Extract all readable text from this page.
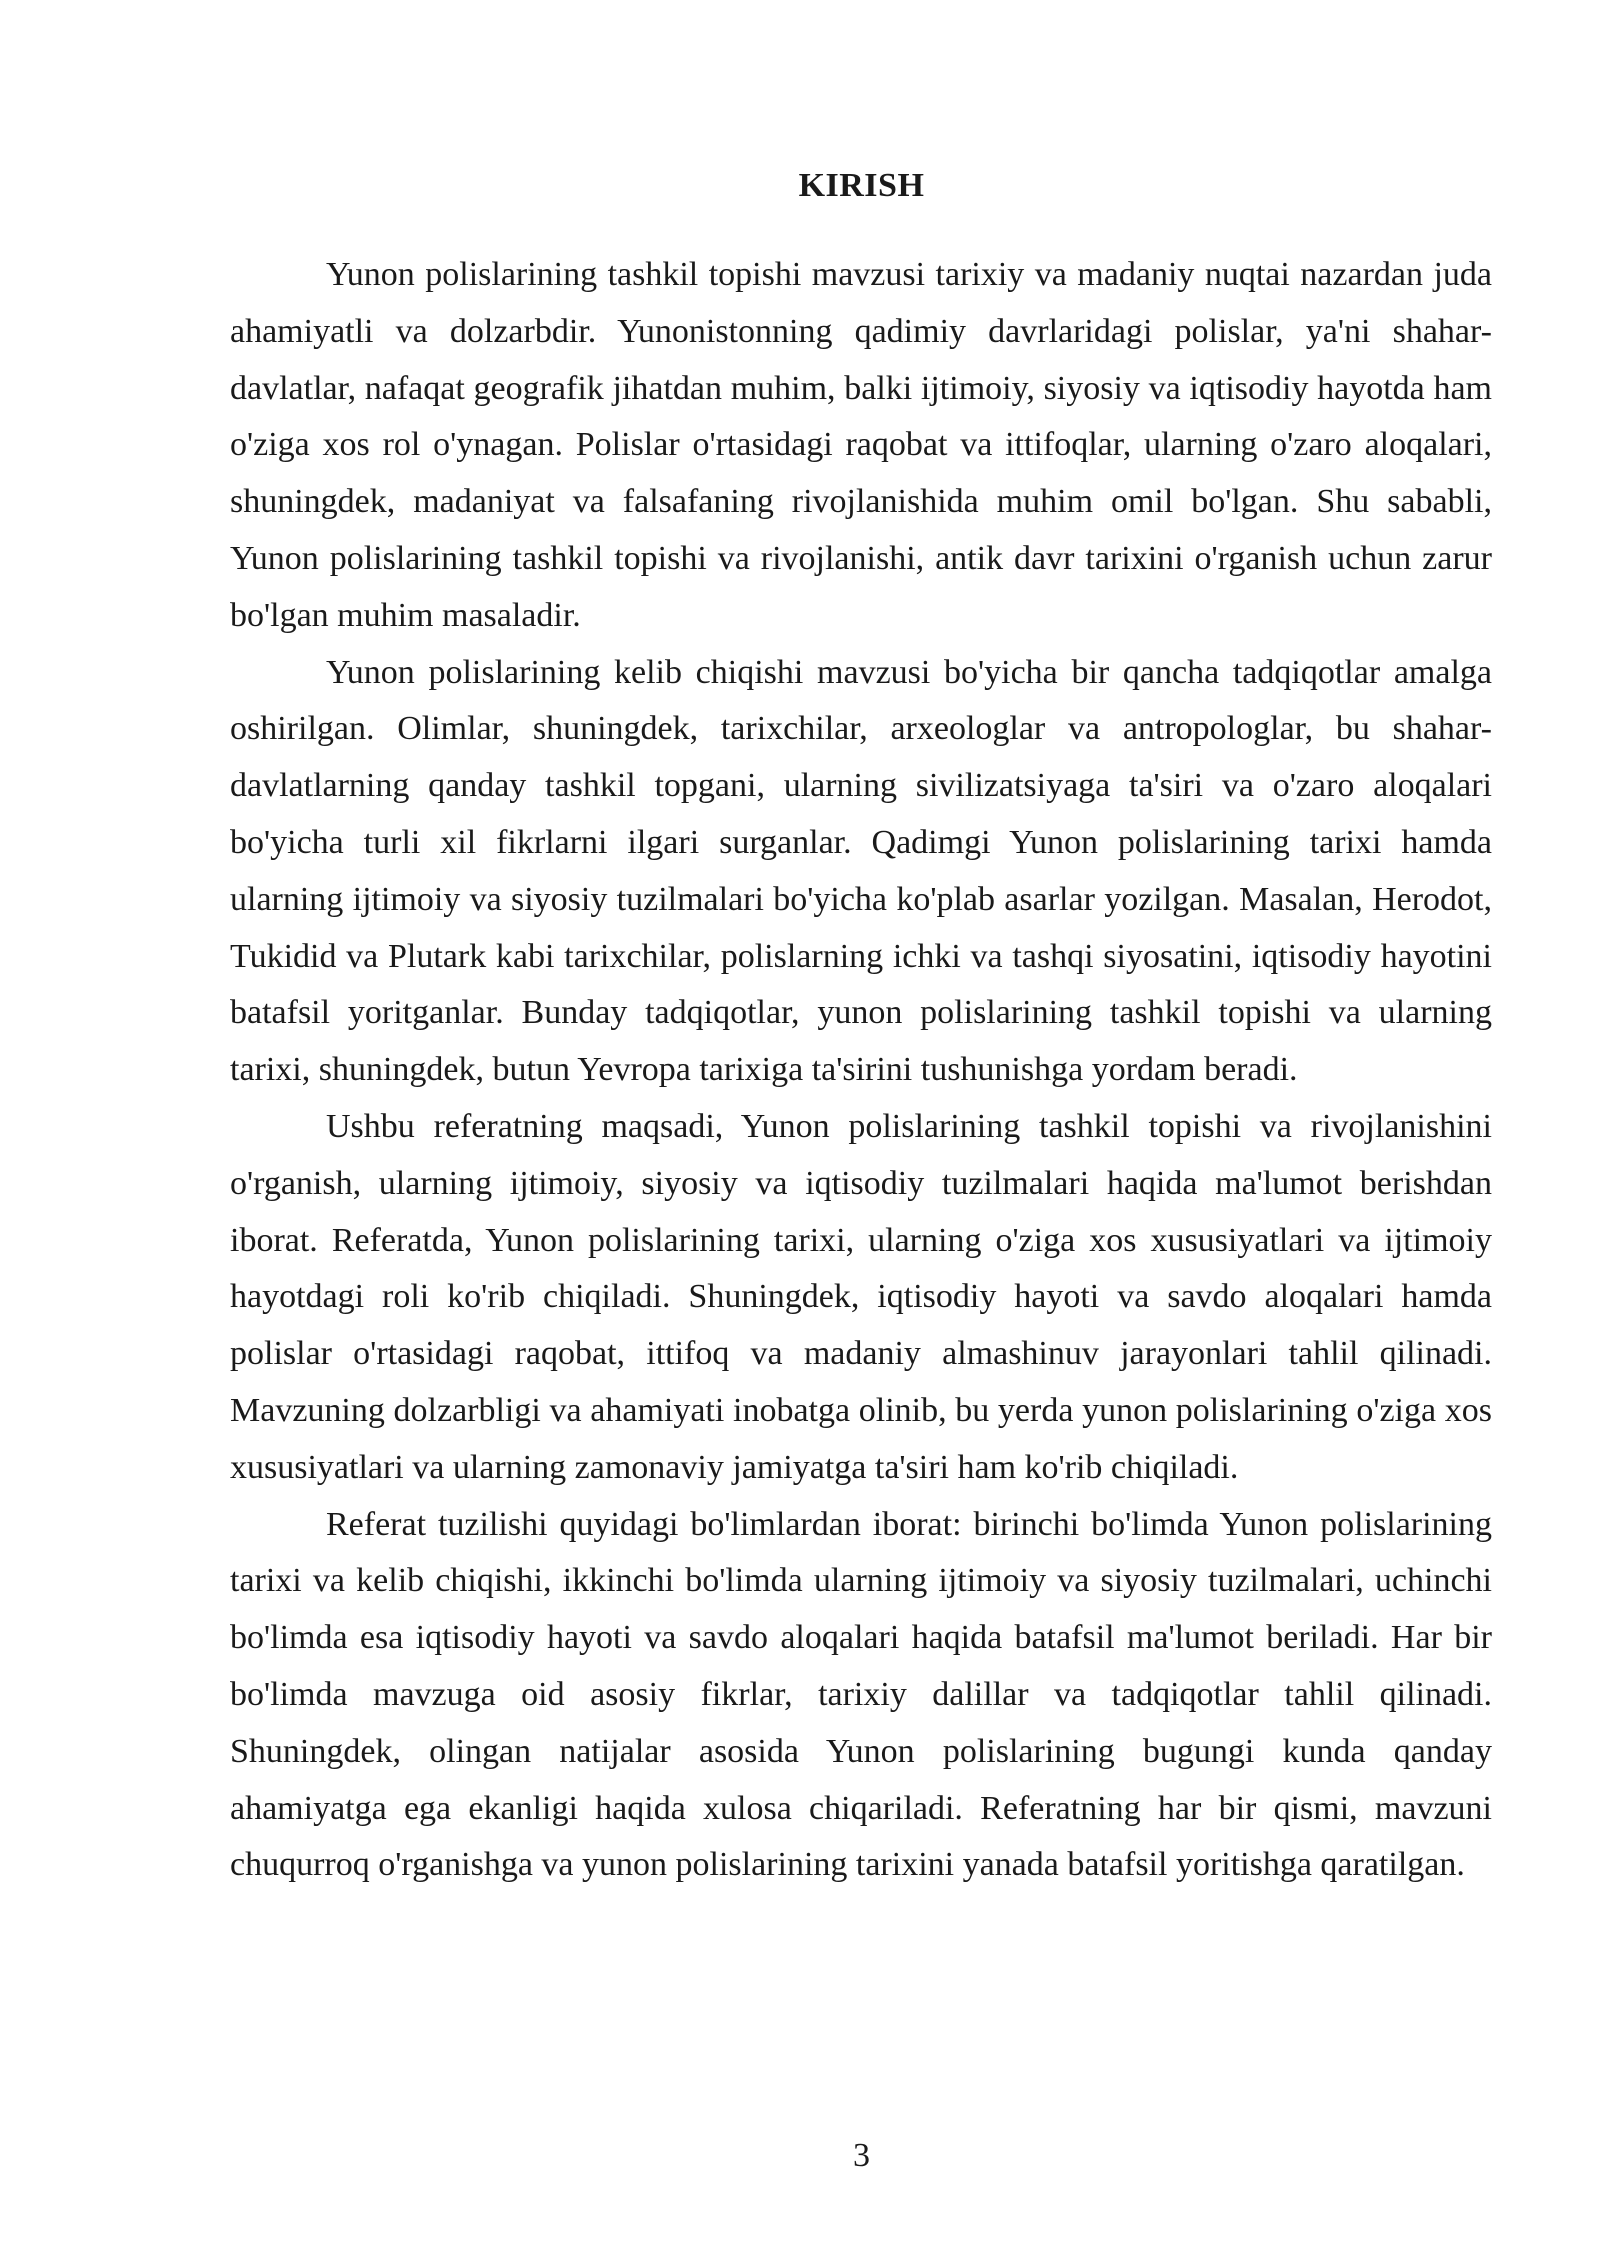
KIRISH

Yunon polislarining tashkil topishi mavzusi tarixiy va madaniy nuqtai nazardan juda ahamiyatli va dolzarbdir. Yunonistonning qadimiy davrlaridagi polislar, ya'ni shahar-davlatlar, nafaqat geografik jihatdan muhim, balki ijtimoiy, siyosiy va iqtisodiy hayotda ham o'ziga xos rol o'ynagan. Polislar o'rtasidagi raqobat va ittifoqlar, ularning o'zaro aloqalari, shuningdek, madaniyat va falsafaning rivojlanishida muhim omil bo'lgan. Shu sababli, Yunon polislarining tashkil topishi va rivojlanishi, antik davr tarixini o'rganish uchun zarur bo'lgan muhim masaladir.

Yunon polislarining kelib chiqishi mavzusi bo'yicha bir qancha tadqiqotlar amalga oshirilgan. Olimlar, shuningdek, tarixchilar, arxeologlar va antropologlar, bu shahar-davlatlarning qanday tashkil topgani, ularning sivilizatsiyaga ta'siri va o'zaro aloqalari bo'yicha turli xil fikrlarni ilgari surganlar. Qadimgi Yunon polislarining tarixi hamda ularning ijtimoiy va siyosiy tuzilmalari bo'yicha ko'plab asarlar yozilgan. Masalan, Herodot, Tukidid va Plutark kabi tarixchilar, polislarning ichki va tashqi siyosatini, iqtisodiy hayotini batafsil yoritganlar. Bunday tadqiqotlar, yunon polislarining tashkil topishi va ularning tarixi, shuningdek, butun Yevropa tarixiga ta'sirini tushunishga yordam beradi.

Ushbu referatning maqsadi, Yunon polislarining tashkil topishi va rivojlanishini o'rganish, ularning ijtimoiy, siyosiy va iqtisodiy tuzilmalari haqida ma'lumot berishdan iborat. Referatda, Yunon polislarining tarixi, ularning o'ziga xos xususiyatlari va ijtimoiy hayotdagi roli ko'rib chiqiladi. Shuningdek, iqtisodiy hayoti va savdo aloqalari hamda polislar o'rtasidagi raqobat, ittifoq va madaniy almashinuv jarayonlari tahlil qilinadi. Mavzuning dolzarbligi va ahamiyati inobatga olinib, bu yerda yunon polislarining o'ziga xos xususiyatlari va ularning zamonaviy jamiyatga ta'siri ham ko'rib chiqiladi.

Referat tuzilishi quyidagi bo'limlardan iborat: birinchi bo'limda Yunon polislarining tarixi va kelib chiqishi, ikkinchi bo'limda ularning ijtimoiy va siyosiy tuzilmalari, uchinchi bo'limda esa iqtisodiy hayoti va savdo aloqalari haqida batafsil ma'lumot beriladi. Har bir bo'limda mavzuga oid asosiy fikrlar, tarixiy dalillar va tadqiqotlar tahlil qilinadi. Shuningdek, olingan natijalar asosida Yunon polislarining bugungi kunda qanday ahamiyatga ega ekanligi haqida xulosa chiqariladi. Referatning har bir qismi, mavzuni chuqurroq o'rganishga va yunon polislarining tarixini yanada batafsil yoritishga qaratilgan.

3
